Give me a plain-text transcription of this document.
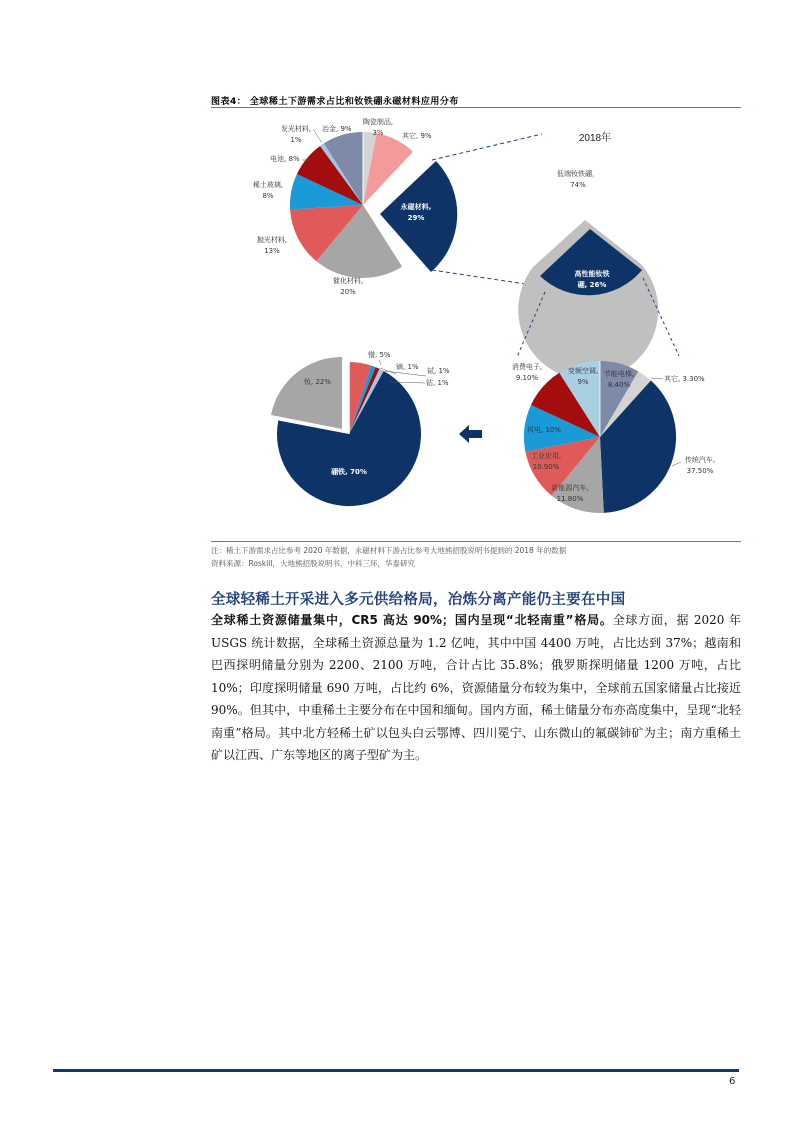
图表4： 全球稀土下游需求占比和钕铁硼永磁材料应用分布
永磁材料,
29%
催化材料,
20%
抛光材料,
13%
稀土玻璃,
8%
电池, 8%
发光材料,
1%
冶金, 9%
陶瓷制品,
3%	其它, 9%	2018年
低端钕铁硼，
74%
高性能钕铁
硼, 26%
消费电子,
9.10%
变频空调,
9%
节能电梯,
8.40%
其它, 3.30%
风电, 10%
工业应用,
10.90%
新能源汽车,
11.80%
传统汽车,
37.50%
钕, 22%
镨, 5%
镝, 1% 铽, 1%
钴, 1%
硼铁, 70%
注：稀土下游需求占比参考 2020 年数据，永磁材料下游占比参考大地熊招股说明书提到的 2018 年的数据
资料来源：Roskill，大地熊招股说明书，中科三环，华泰研究
全球轻稀土开采进入多元供给格局，冶炼分离产能仍主要在中国
全球稀土资源储量集中，CR5 高达 90%；国内呈现“北轻南重”格局。全球方面，据 2020 年 USGS 统计数据，全球稀土资源总量为 1.2 亿吨，其中中国 4400 万吨，占比达到 37%；越南和巴西探明储量分别为 2200、2100 万吨，合计占比 35.8%；俄罗斯探明储量 1200 万吨，占比 10%；印度探明储量 690 万吨，占比约 6%，资源储量分布较为集中，全球前五国家储量占比接近 90%。但其中，中重稀土主要分布在中国和缅甸。国内方面，稀土储量分布亦高度集中，呈现“北轻南重”格局。其中北方轻稀土矿以包头白云鄂博、四川冕宁、山东微山的氟碳铈矿为主；南方重稀土矿以江西、广东等地区的离子型矿为主。
6
